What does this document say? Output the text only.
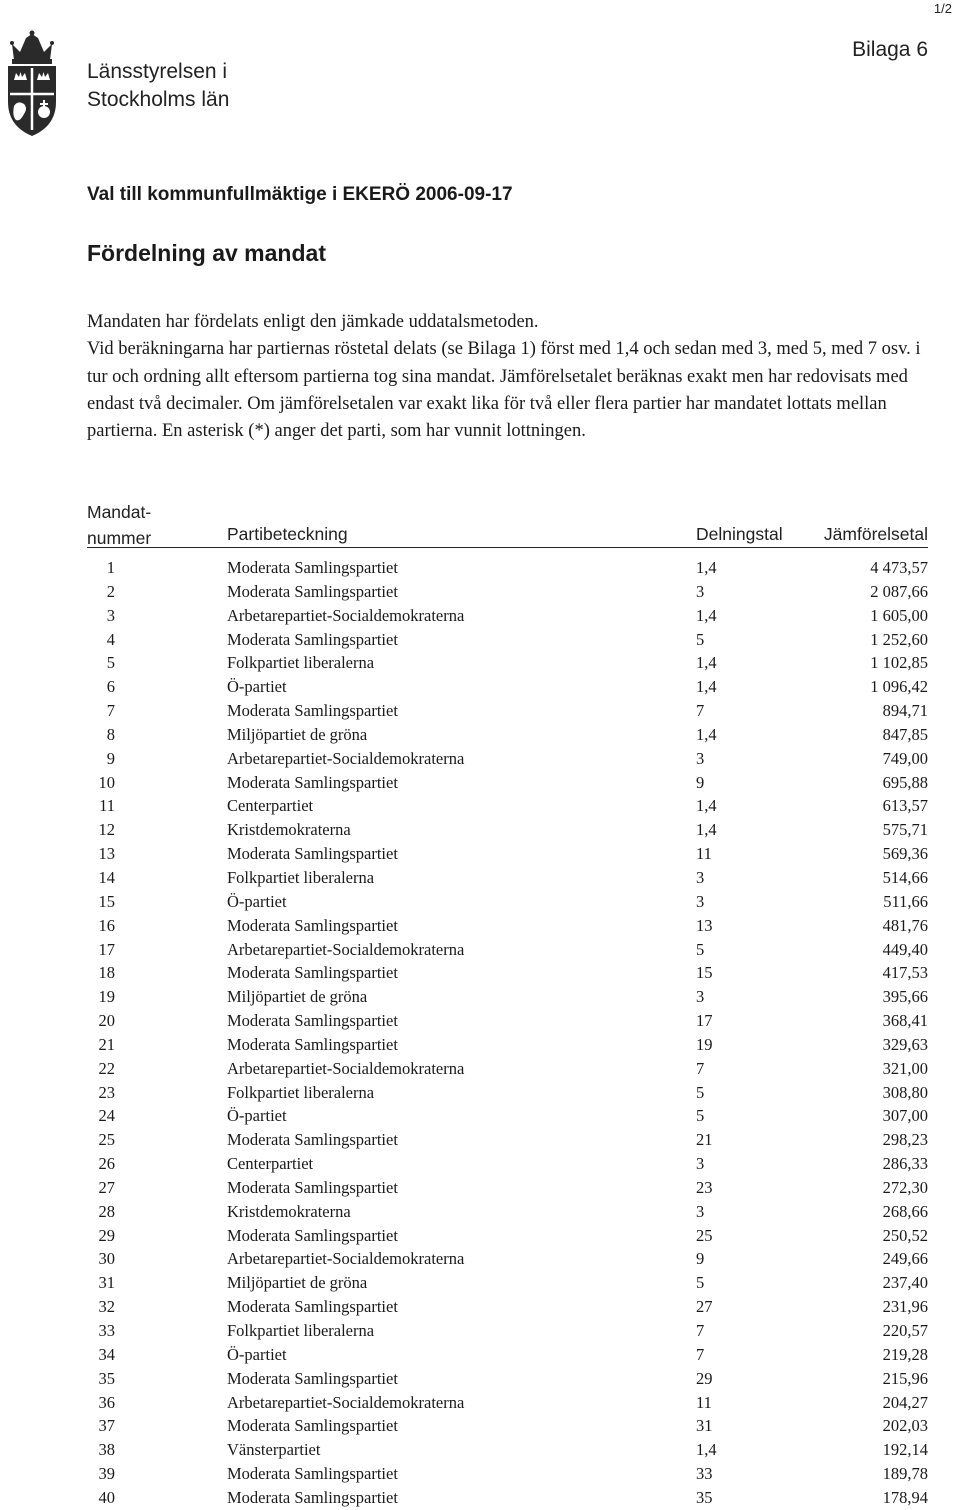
1/2
Länsstyrelsen i
Stockholms län
Bilaga 6
Val till kommunfullmäktige i EKERÖ 2006-09-17
Fördelning av mandat

Mandaten har fördelats enligt den jämkade uddatalsmetoden.
Vid beräkningarna har partiernas röstetal delats (se Bilaga 1) först med 1,4 och sedan med 3, med 5, med 7 osv. i tur och ordning allt eftersom partierna tog sina mandat. Jämförelsetalet beräknas exakt men har redovisats med endast två decimaler. Om jämförelsetalen var exakt lika för två eller flera partier har mandatet lottats mellan partierna. En asterisk (*) anger det parti, som har vunnit lottningen.

Mandat-
nummer	Partibeteckning	Delningstal Jämförelsetal
1	Moderata Samlingspartiet	1,4	4 473,57
2	Moderata Samlingspartiet	3	2 087,66
3	Arbetarepartiet-Socialdemokraterna	1,4	1 605,00
4	Moderata Samlingspartiet	5	1 252,60
5	Folkpartiet liberalerna	1,4	1 102,85
6	Ö-partiet	1,4	1 096,42
7	Moderata Samlingspartiet	7	894,71
8	Miljöpartiet de gröna	1,4	847,85
9	Arbetarepartiet-Socialdemokraterna	3	749,00
10	Moderata Samlingspartiet	9	695,88
11	Centerpartiet	1,4	613,57
12	Kristdemokraterna	1,4	575,71
13	Moderata Samlingspartiet	11	569,36
14	Folkpartiet liberalerna	3	514,66
15	Ö-partiet	3	511,66
16	Moderata Samlingspartiet	13	481,76
17	Arbetarepartiet-Socialdemokraterna	5	449,40
18	Moderata Samlingspartiet	15	417,53
19	Miljöpartiet de gröna	3	395,66
20	Moderata Samlingspartiet	17	368,41
21	Moderata Samlingspartiet	19	329,63
22	Arbetarepartiet-Socialdemokraterna	7	321,00
23	Folkpartiet liberalerna	5	308,80
24	Ö-partiet	5	307,00
25	Moderata Samlingspartiet	21	298,23
26	Centerpartiet	3	286,33
27	Moderata Samlingspartiet	23	272,30
28	Kristdemokraterna	3	268,66
29	Moderata Samlingspartiet	25	250,52
30	Arbetarepartiet-Socialdemokraterna	9	249,66
31	Miljöpartiet de gröna	5	237,40
32	Moderata Samlingspartiet	27	231,96
33	Folkpartiet liberalerna	7	220,57
34	Ö-partiet	7	219,28
35	Moderata Samlingspartiet	29	215,96
36	Arbetarepartiet-Socialdemokraterna	11	204,27
37	Moderata Samlingspartiet	31	202,03
38	Vänsterpartiet	1,4	192,14
39	Moderata Samlingspartiet	33	189,78
40	Moderata Samlingspartiet	35	178,94
